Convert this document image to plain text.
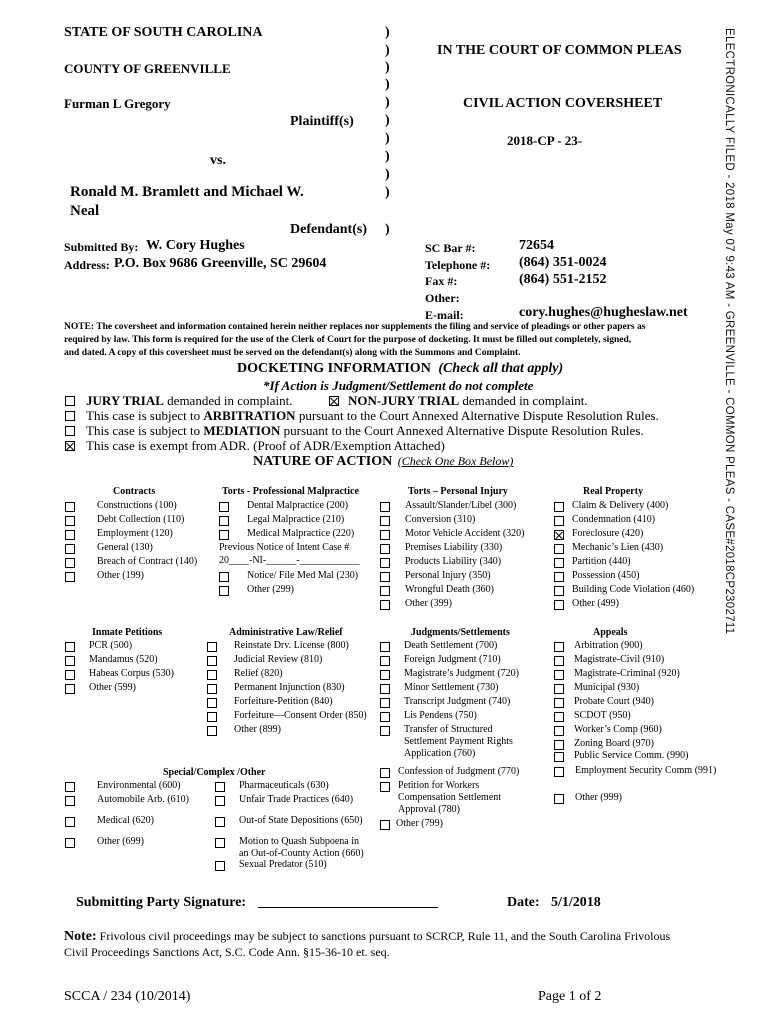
ELECTRONICALLY FILED - 2018 May 07 9:43 AM - GREENVILLE - COMMON PLEAS - CASE#2018CP2302711
STATE OF SOUTH CAROLINA
COUNTY OF GREENVILLE
Furman L Gregory
Plaintiff(s)
vs.
Ronald M. Bramlett and Michael W.
Neal
Defendant(s)
)
)
)
)
)
)
)
)
)
)
)
IN THE COURT OF COMMON PLEAS
CIVIL ACTION COVERSHEET
2018-CP - 23-
Submitted By: W. Cory Hughes
Address: P.O. Box 9686 Greenville, SC 29604
SC Bar #:	72654
Telephone #: (864) 351-0024
Fax #:	(864) 551-2152
Other:
E-mail:	cory.hughes@hugheslaw.net
NOTE: The coversheet and information contained herein neither replaces nor supplements the filing and service of pleadings or other papers as
required by law. This form is required for the use of the Clerk of Court for the purpose of docketing. It must be filled out completely, signed,
and dated. A copy of this coversheet must be served on the defendant(s) along with the Summons and Complaint.
DOCKETING INFORMATION (Check all that apply)
*If Action is Judgment/Settlement do not complete
JURY TRIAL demanded in complaint.	NON-JURY TRIAL demanded in complaint.
This case is subject to ARBITRATION pursuant to the Court Annexed Alternative Dispute Resolution Rules.
This case is subject to MEDIATION pursuant to the Court Annexed Alternative Dispute Resolution Rules.
This case is exempt from ADR. (Proof of ADR/Exemption Attached)
NATURE OF ACTION (Check One Box Below)
Contracts	Torts - Professional Malpractice	Torts – Personal Injury	Real Property
Constructions (100)
Debt Collection (110)
Employment (120)
General (130)
Breach of Contract (140)
Other (199)
Dental Malpractice (200)
Legal Malpractice (210)
Medical Malpractice (220)
Previous Notice of Intent Case #
20____-NI-______-____________
Notice/ File Med Mal (230)
Other (299)
Assault/Slander/Libel (300)
Conversion (310)
Motor Vehicle Accident (320)
Premises Liability (330)
Products Liability (340)
Personal Injury (350)
Wrongful Death (360)
Other (399)
Claim & Delivery (400)
Condemnation (410)
Foreclosure (420)
Mechanic’s Lien (430)
Partition (440)
Possession (450)
Building Code Violation (460)
Other (499)
Inmate Petitions	Administrative Law/Relief	Judgments/Settlements	Appeals
PCR (500)
Mandamus (520)
Habeas Corpus (530)
Other (599)
Reinstate Drv. License (800)
Judicial Review (810)
Relief (820)
Permanent Injunction (830)
Forfeiture-Petition (840)
Forfeiture—Consent Order (850)
Other (899)
Death Settlement (700)
Foreign Judgment (710)
Magistrate’s Judgment (720)
Minor Settlement (730)
Transcript Judgment (740)
Lis Pendens (750)
Transfer of Structured
Settlement Payment Rights
Application (760)
Arbitration (900)
Magistrate-Civil (910)
Magistrate-Criminal (920)
Municipal (930)
Probate Court (940)
SCDOT (950)
Worker’s Comp (960)
Zoning Board (970)
Public Service Comm. (990)
Special/Complex /Other
Environmental (600)
Automobile Arb. (610)
Medical (620)
Other (699)
Pharmaceuticals (630)
Unfair Trade Practices (640)
Out-of State Depositions (650)
Motion to Quash Subpoena in
an Out-of-County Action (660)
Sexual Predator (510)
Confession of Judgment (770)
Petition for Workers
Compensation Settlement
Approval (780)
Other (799)
Employment Security Comm (991)
Other (999)
Submitting Party Signature:	Date: 5/1/2018
Note: Frivolous civil proceedings may be subject to sanctions pursuant to SCRCP, Rule 11, and the South Carolina Frivolous
Civil Proceedings Sanctions Act, S.C. Code Ann. §15-36-10 et. seq.
SCCA / 234 (10/2014)	Page 1 of 2
